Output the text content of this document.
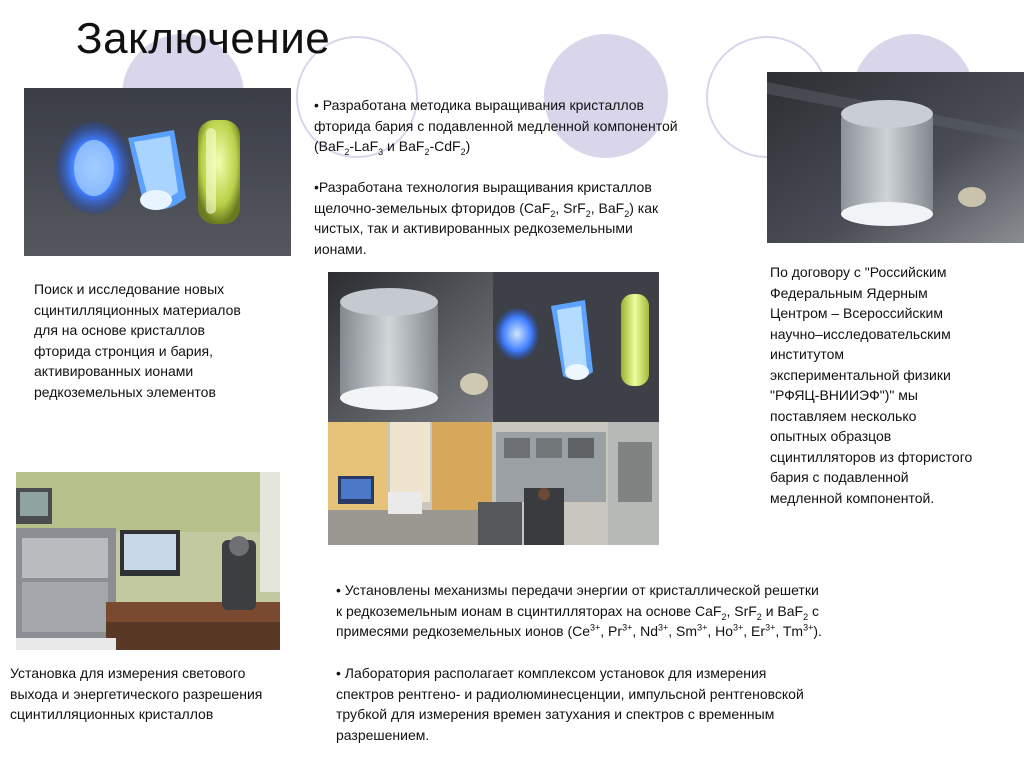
Заключение

• Разработана методика выращивания кристаллов

фторида бария с подавленной медленной компонентой

(BaF$_2$-LaF$_3$ и BaF$_2$-CdF$_2$)

•Разработана технология выращивания кристаллов

щелочно-земельных фторидов (CaF$_2$, SrF$_2$, BaF$_2$) как

чистых, так и активированных редкоземельными

ионами.

Поиск и исследование новых

сцинтилляционных материалов

для на основе кристаллов

фторида стронция и бария,

активированных ионами

редкоземельных элементов

По договору с "Российским

Федеральным Ядерным

Центром – Всероссийским

научно–исследовательским

институтом

экспериментальной физики

"РФЯЦ-ВНИИЭФ")" мы

поставляем несколько

опытных образцов

сцинтилляторов из фтористого

бария с подавленной

медленной компонентой.

Установка для измерения светового

выхода и энергетического разрешения

сцинтилляционных кристаллов

• Установлены механизмы передачи энергии от кристаллической решетки

к редкоземельным ионам в сцинтилляторах на основе CaF$_2$, SrF$_2$ и BaF$_2$ с

примесями редкоземельных ионов ($Ce^{3+}$, $Pr^{3+}$, $Nd^{3+}$, $Sm^{3+}$, $Ho^{3+}$, $Er^{3+}$, $Tm^{3+}$).

• Лаборатория располагает комплексом установок для измерения

спектров рентгено- и радиолюминесценции, импульсной рентгеновской

трубкой для измерения времен затухания и спектров с временным

разрешением.
